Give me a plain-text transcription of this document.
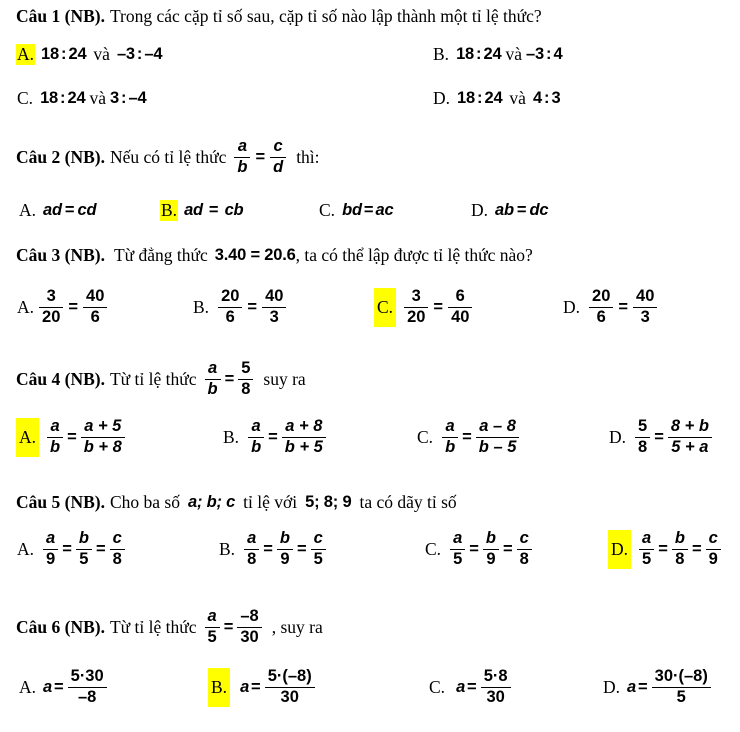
Câu 1 (NB). Trong các cặp tỉ số sau, cặp tỉ số nào lập thành một tỉ lệ thức?
A. 18 : 24 và –3 : –4	B. 18 : 24 và –3 : 4
C. 18 : 24 và 3 : –4	D. 18 : 24 và 4 : 3
Câu 2 (NB). Nếu có tỉ lệ thức $\frac{a}{b} = \frac{c}{d}$ thì:
A. ad = cd	B. ad = cb	C. bd = ac	D. ab = dc
Câu 3 (NB). Từ đẳng thức 3.40 = 20.6 , ta có thể lập được tỉ lệ thức nào?
A. $\frac{3}{20} = \frac{40}{6}$	B. $\frac{20}{6} = \frac{40}{3}$	C. $\frac{3}{20} = \frac{6}{40}$	D. $\frac{20}{6} = \frac{40}{3}$
Câu 4 (NB). Từ tỉ lệ thức $\frac{a}{b} = \frac{5}{8}$ suy ra
A. $\frac{a}{b} = \frac{a + 5}{b + 8}$	B. $\frac{a}{b} = \frac{a + 8}{b + 5}$	C. $\frac{a}{b} = \frac{a - 8}{b - 5}$	D. $\frac{5}{8} = \frac{8 + b}{5 + a}$
Câu 5 (NB). Cho ba số a; b; c tỉ lệ với 5; 8; 9 ta có dãy tỉ số
A. $\frac{a}{9} = \frac{b}{5} = \frac{c}{8}$	B. $\frac{a}{8} = \frac{b}{9} = \frac{c}{5}$	C. $\frac{a}{5} = \frac{b}{9} = \frac{c}{8}$	D. $\frac{a}{5} = \frac{b}{8} = \frac{c}{9}$
Câu 6 (NB). Từ tỉ lệ thức $\frac{a}{5} = \frac{-8}{30}$ , suy ra
A. $a = \frac{5\cdot 30}{-8}$	B. $a = \frac{5\cdot(-8)}{30}$	C. $a = \frac{5\cdot 8}{30}$	D. $a = \frac{30\cdot(-8)}{5}$
